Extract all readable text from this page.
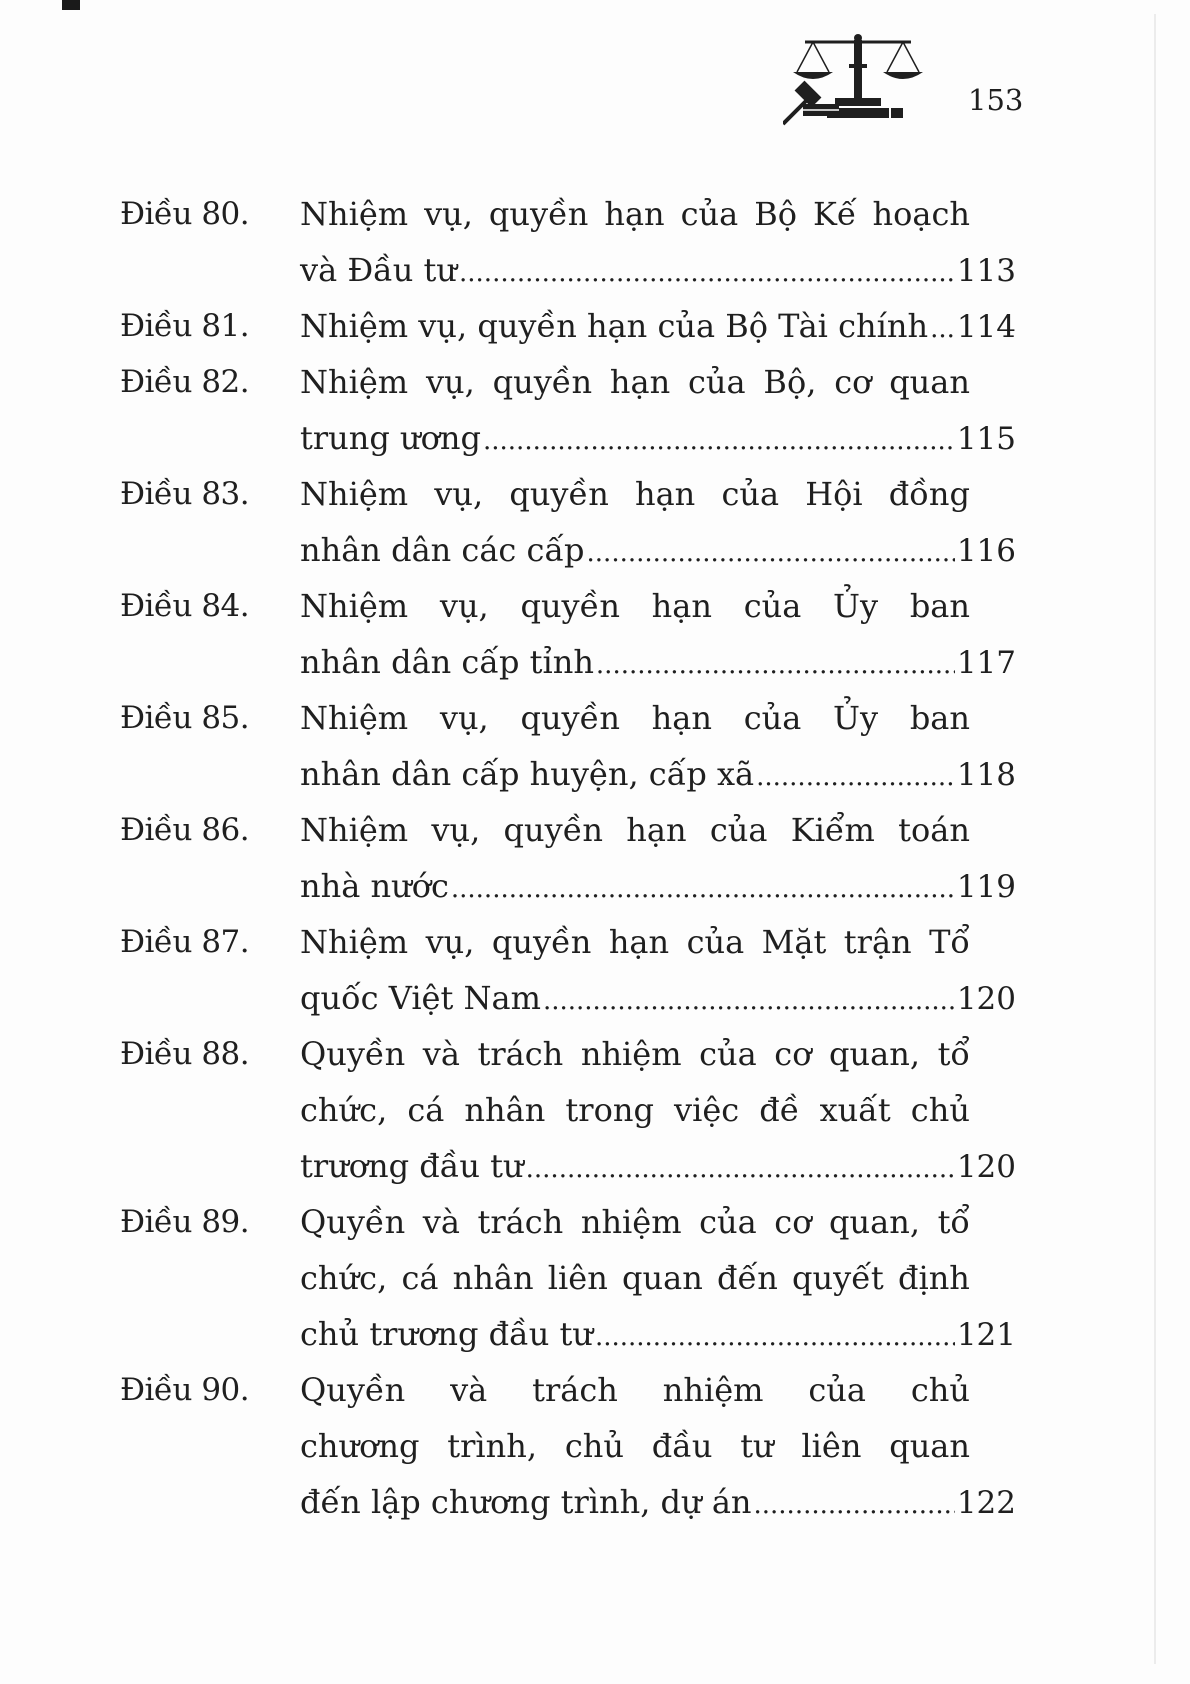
153
Điều 80.	Nhiệm vụ, quyền hạn của Bộ Kế hoạch
và Đầu tư .....	113
Điều 81.	Nhiệm vụ, quyền hạn của Bộ Tài chính ..... 114
Điều 82.	Nhiệm vụ, quyền hạn của Bộ, cơ quan
trung ương .....	115
Điều 83.	Nhiệm vụ, quyền hạn của Hội đồng
nhân dân các cấp .....	116
Điều 84.	Nhiệm vụ, quyền hạn của Ủy ban
nhân dân cấp tỉnh .....	117
Điều 85.	Nhiệm vụ, quyền hạn của Ủy ban
nhân dân cấp huyện, cấp xã .....	118
Điều 86.	Nhiệm vụ, quyền hạn của Kiểm toán
nhà nước .....	119
Điều 87.	Nhiệm vụ, quyền hạn của Mặt trận Tổ
quốc Việt Nam .....	120
Điều 88.	Quyền và trách nhiệm của cơ quan, tổ
chức, cá nhân trong việc đề xuất chủ
trương đầu tư .....	120
Điều 89.	Quyền và trách nhiệm của cơ quan, tổ
chức, cá nhân liên quan đến quyết định
chủ trương đầu tư .....	121
Điều 90.	Quyền và trách nhiệm của chủ
chương trình, chủ đầu tư liên quan
đến lập chương trình, dự án .....	122
